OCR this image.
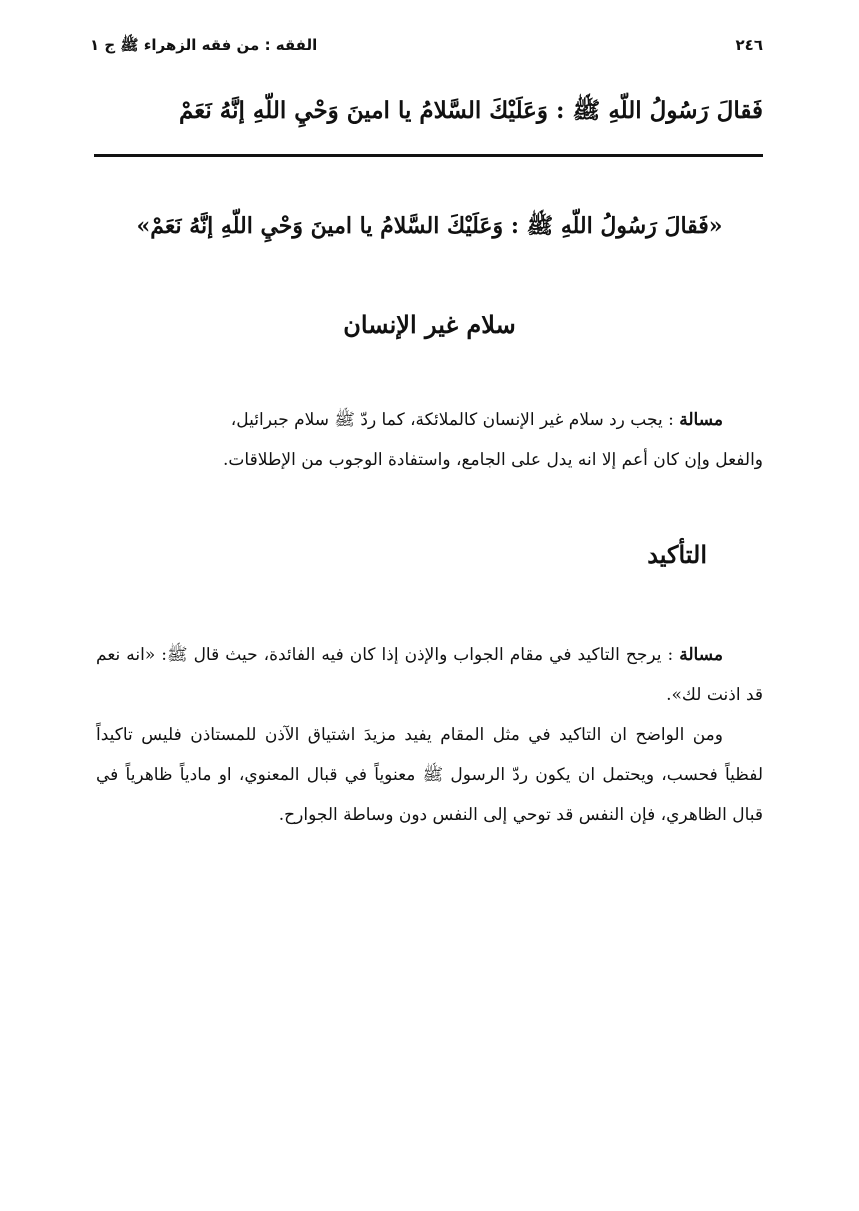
٢٤٦
الفقه : من فقه الزهراء ﷺ ج ١
فَقالَ رَسُولُ اللّهِ ﷺ : وَعَلَيْكَ السَّلامُ يا امينَ وَحْيِ اللّهِ إنَّهُ نَعَمْ
«فَقالَ رَسُولُ اللّهِ ﷺ : وَعَلَيْكَ السَّلامُ يا امينَ وَحْيِ اللّهِ إنَّهُ نَعَمْ»
سلام غير الإنسان
مسالة : يجب رد سلام غير الإنسان كالملائكة، كما ردّ ﷺ سلام جبرائيل،
والفعل وإن كان أعم إلا انه يدل على الجامع، واستفادة الوجوب من الإطلاقات.
التأكيد

مسالة : يرجح التاكيد في مقام الجواب والإذن إذا كان فيه الفائدة، حيث قال ﷺ: «انه نعم قد اذنت لك».

ومن الواضح ان التاكيد في مثل المقام يفيد مزيدَ اشتياق الآذن للمستاذن فليس تاكيداً لفظياً فحسب، ويحتمل ان يكون ردّ الرسول ﷺ معنوياً في قبال المعنوي، او مادياً ظاهرياً في قبال الظاهري، فإن النفس قد توحي إلى النفس دون وساطة الجوارح.
